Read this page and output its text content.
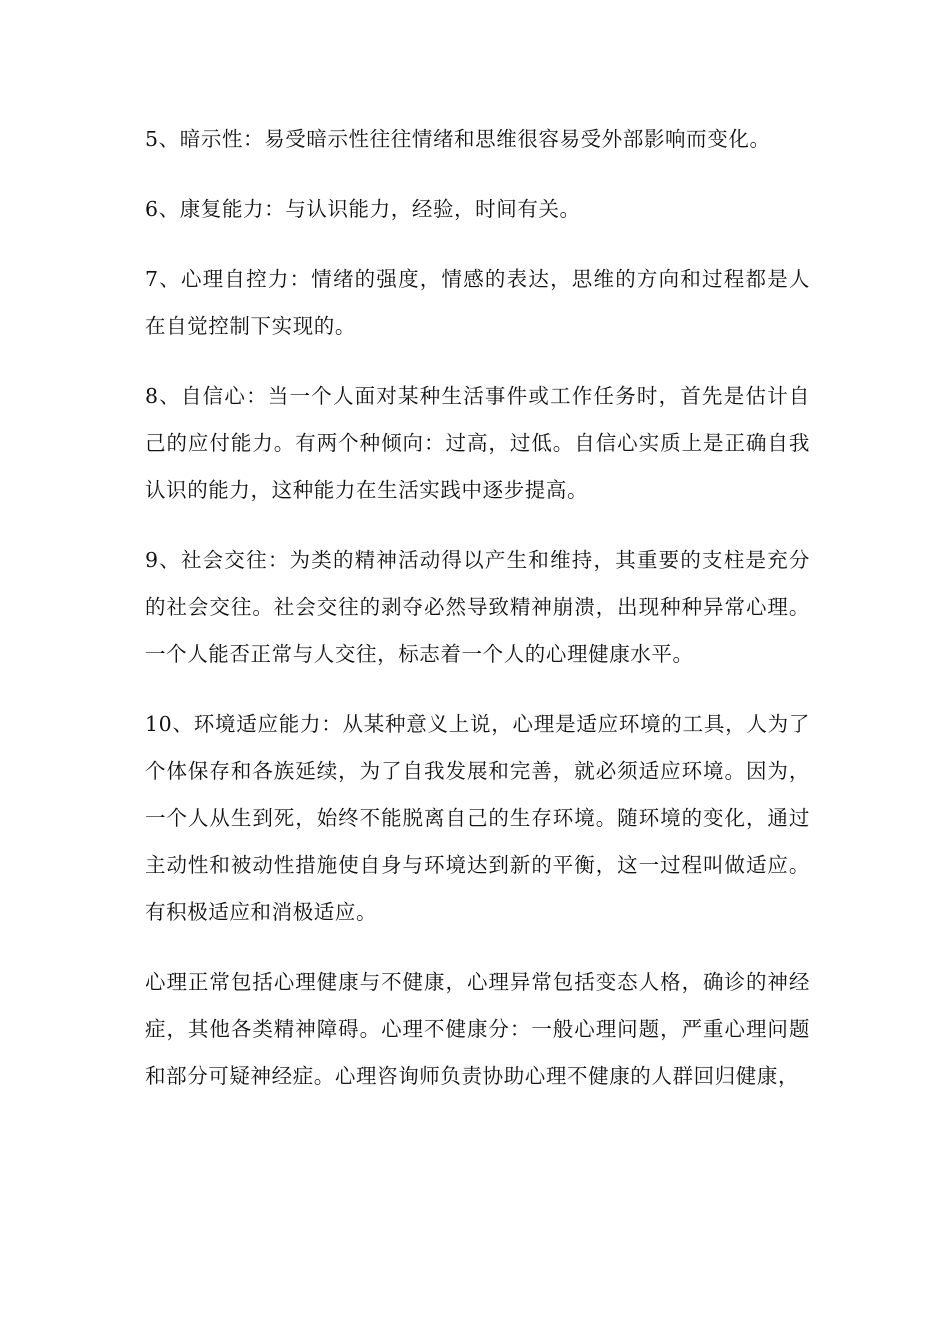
5、暗示性：易受暗示性往往情绪和思维很容易受外部影响而变化。

6、康复能力：与认识能力，经验，时间有关。

7、心理自控力：情绪的强度，情感的表达，思维的方向和过程都是人在自觉控制下实现的。

8、自信心：当一个人面对某种生活事件或工作任务时，首先是估计自己的应付能力。有两个种倾向：过高，过低。自信心实质上是正确自我认识的能力，这种能力在生活实践中逐步提高。

9、社会交往：为类的精神活动得以产生和维持，其重要的支柱是充分的社会交往。社会交往的剥夺必然导致精神崩溃，出现种种异常心理。一个人能否正常与人交往，标志着一个人的心理健康水平。

10、环境适应能力：从某种意义上说，心理是适应环境的工具，人为了个体保存和各族延续，为了自我发展和完善，就必须适应环境。因为，一个人从生到死，始终不能脱离自己的生存环境。随环境的变化，通过主动性和被动性措施使自身与环境达到新的平衡，这一过程叫做适应。有积极适应和消极适应。

心理正常包括心理健康与不健康，心理异常包括变态人格，确诊的神经症，其他各类精神障碍。心理不健康分：一般心理问题，严重心理问题和部分可疑神经症。心理咨询师负责协助心理不健康的人群回归健康，
